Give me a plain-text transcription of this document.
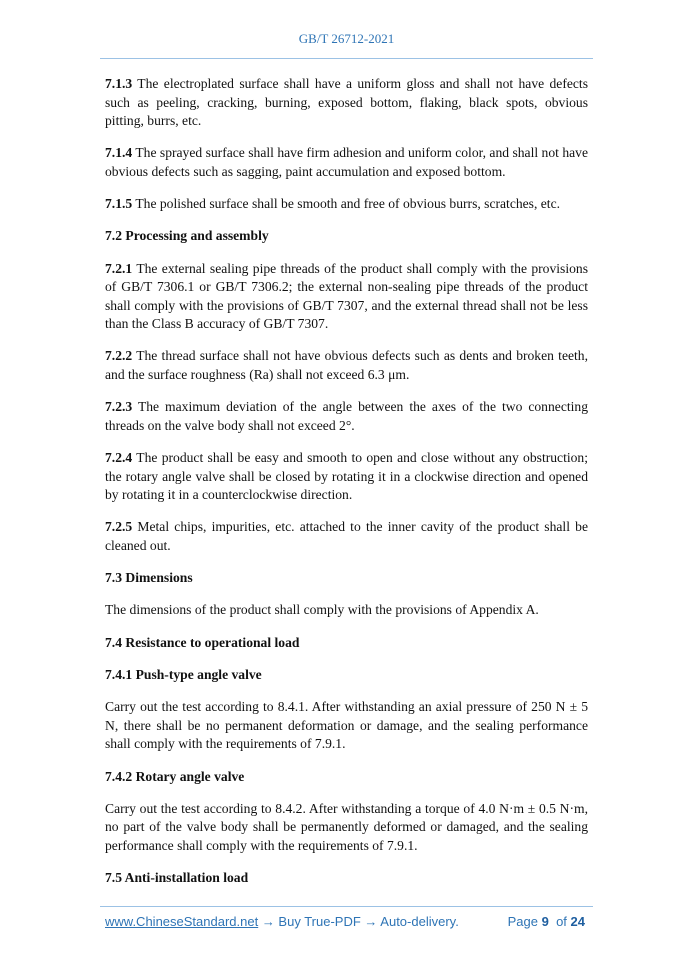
GB/T 26712-2021

7.1.3 The electroplated surface shall have a uniform gloss and shall not have defects such as peeling, cracking, burning, exposed bottom, flaking, black spots, obvious pitting, burrs, etc.

7.1.4 The sprayed surface shall have firm adhesion and uniform color, and shall not have obvious defects such as sagging, paint accumulation and exposed bottom.

7.1.5 The polished surface shall be smooth and free of obvious burrs, scratches, etc.

7.2 Processing and assembly

7.2.1 The external sealing pipe threads of the product shall comply with the provisions of GB/T 7306.1 or GB/T 7306.2; the external non-sealing pipe threads of the product shall comply with the provisions of GB/T 7307, and the external thread shall not be less than the Class B accuracy of GB/T 7307.

7.2.2 The thread surface shall not have obvious defects such as dents and broken teeth, and the surface roughness (Ra) shall not exceed 6.3 μm.

7.2.3 The maximum deviation of the angle between the axes of the two connecting threads on the valve body shall not exceed 2°.

7.2.4 The product shall be easy and smooth to open and close without any obstruction; the rotary angle valve shall be closed by rotating it in a clockwise direction and opened by rotating it in a counterclockwise direction.

7.2.5 Metal chips, impurities, etc. attached to the inner cavity of the product shall be cleaned out.

7.3 Dimensions

The dimensions of the product shall comply with the provisions of Appendix A.

7.4 Resistance to operational load

7.4.1 Push-type angle valve

Carry out the test according to 8.4.1. After withstanding an axial pressure of 250 N ± 5 N, there shall be no permanent deformation or damage, and the sealing performance shall comply with the requirements of 7.9.1.

7.4.2 Rotary angle valve

Carry out the test according to 8.4.2. After withstanding a torque of 4.0 N·m ± 0.5 N·m, no part of the valve body shall be permanently deformed or damaged, and the sealing performance shall comply with the requirements of 7.9.1.

7.5 Anti-installation load

www.ChineseStandard.net → Buy True-PDF → Auto-delivery.	Page 9 of 24
